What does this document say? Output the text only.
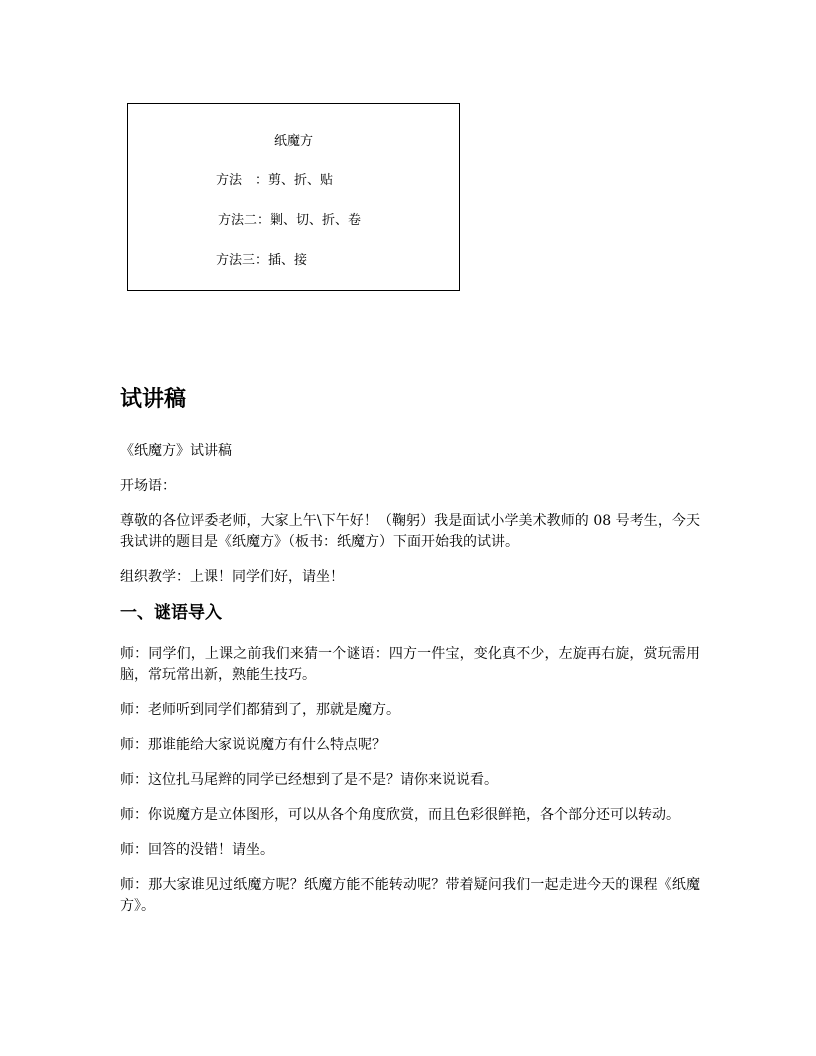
纸魔方
方法　：剪、折、贴
方法二：剿、切、折、卷
方法三：插、接
试讲稿

《纸魔方》试讲稿

开场语：

尊敬的各位评委老师，大家上午\下午好！（鞠躬）我是面试小学美术教师的 08 号考生，今天我试讲的题目是《纸魔方》（板书：纸魔方）下面开始我的试讲。

组织教学：上课！同学们好，请坐！

一、谜语导入

师：同学们，上课之前我们来猜一个谜语：四方一件宝，变化真不少，左旋再右旋，赏玩需用脑，常玩常出新，熟能生技巧。

师：老师听到同学们都猜到了，那就是魔方。

师：那谁能给大家说说魔方有什么特点呢？

师：这位扎马尾辫的同学已经想到了是不是？请你来说说看。

师：你说魔方是立体图形，可以从各个角度欣赏，而且色彩很鲜艳，各个部分还可以转动。

师：回答的没错！请坐。

师：那大家谁见过纸魔方呢？纸魔方能不能转动呢？带着疑问我们一起走进今天的课程《纸魔方》。
